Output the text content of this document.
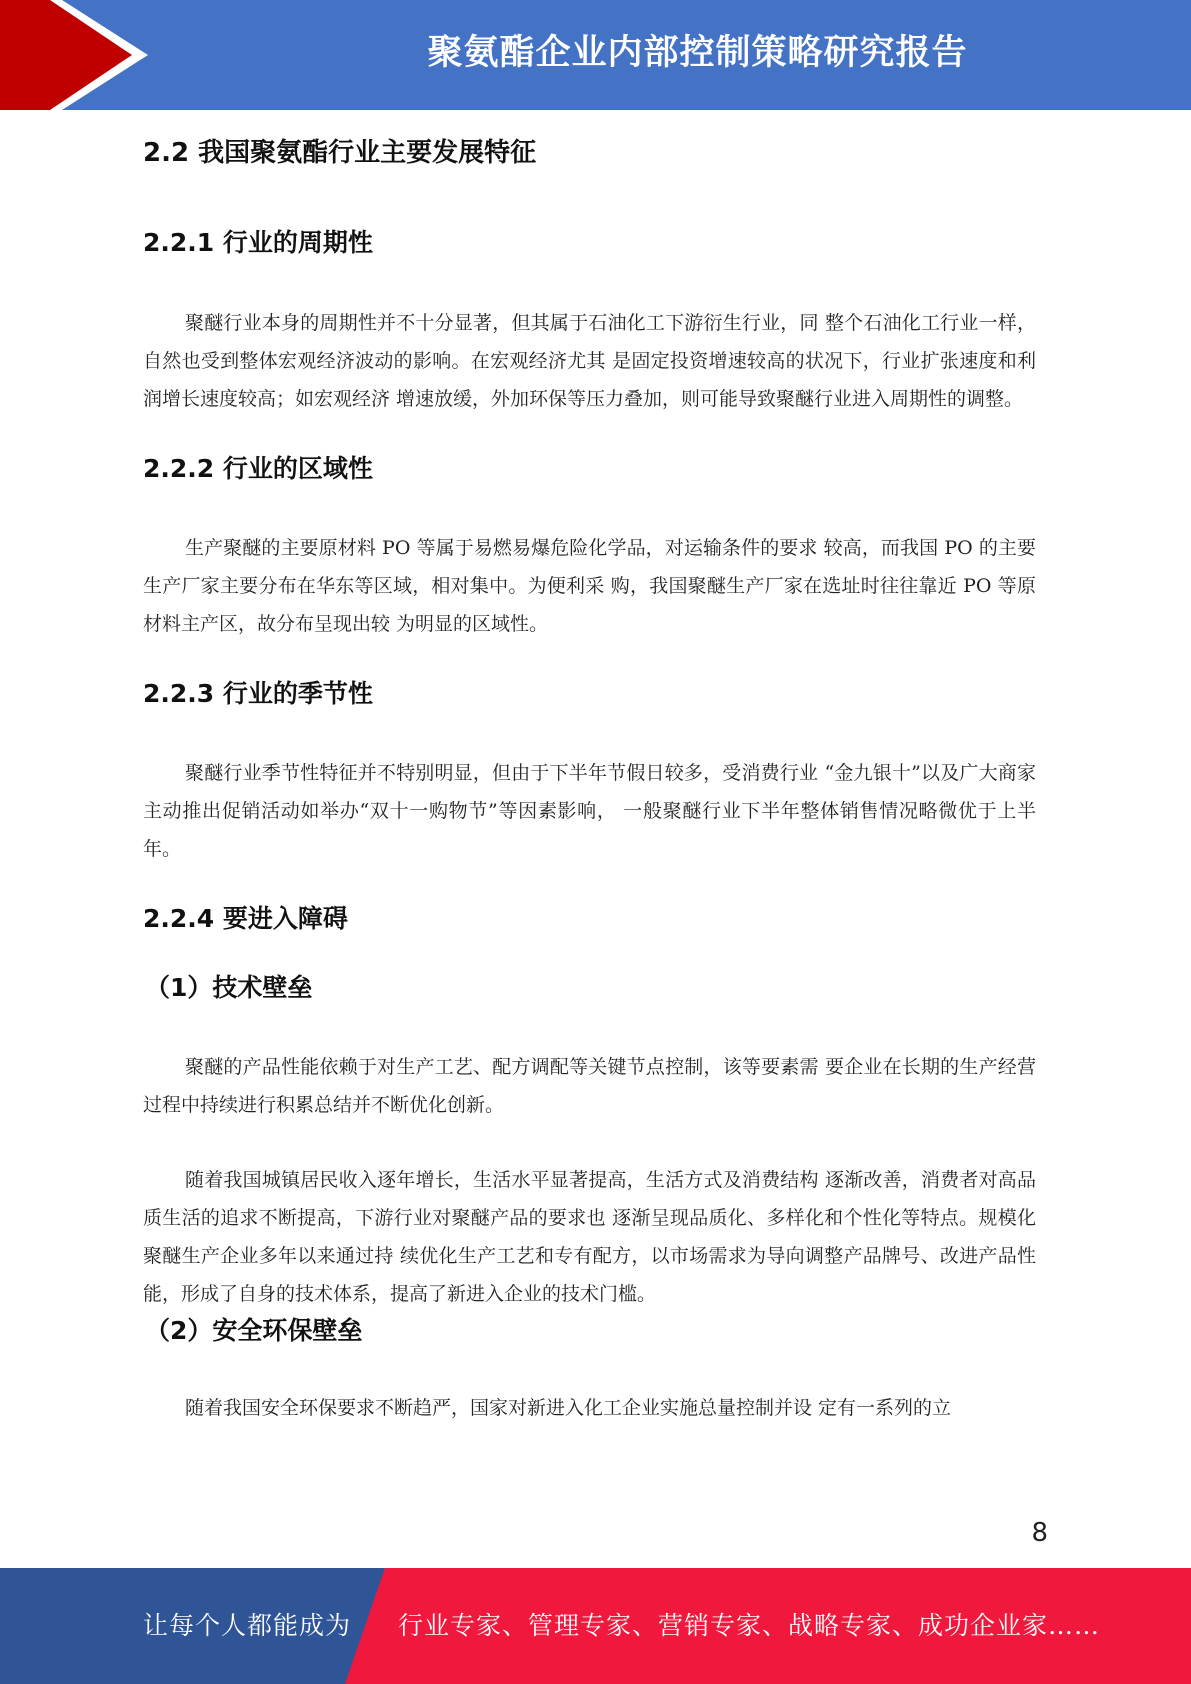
聚氨酯企业内部控制策略研究报告
2.2 我国聚氨酯行业主要发展特征
2.2.1 行业的周期性

聚醚行业本身的周期性并不十分显著，但其属于石油化工下游衍生行业，同 整个石油化工行业一样，自然也受到整体宏观经济波动的影响。在宏观经济尤其 是固定投资增速较高的状况下，行业扩张速度和利润增长速度较高；如宏观经济 增速放缓，外加环保等压力叠加，则可能导致聚醚行业进入周期性的调整。

2.2.2 行业的区域性

生产聚醚的主要原材料 PO 等属于易燃易爆危险化学品，对运输条件的要求 较高，而我国 PO 的主要生产厂家主要分布在华东等区域，相对集中。为便利采 购，我国聚醚生产厂家在选址时往往靠近 PO 等原材料主产区，故分布呈现出较 为明显的区域性。

2.2.3 行业的季节性

聚醚行业季节性特征并不特别明显，但由于下半年节假日较多，受消费行业 “金九银十”以及广大商家主动推出促销活动如举办“双十一购物节”等因素影响， 一般聚醚行业下半年整体销售情况略微优于上半年。

2.2.4 要进入障碍
（1）技术壁垒

聚醚的产品性能依赖于对生产工艺、配方调配等关键节点控制，该等要素需 要企业在长期的生产经营过程中持续进行积累总结并不断优化创新。

随着我国城镇居民收入逐年增长，生活水平显著提高，生活方式及消费结构 逐渐改善，消费者对高品质生活的追求不断提高，下游行业对聚醚产品的要求也 逐渐呈现品质化、多样化和个性化等特点。规模化聚醚生产企业多年以来通过持 续优化生产工艺和专有配方，以市场需求为导向调整产品牌号、改进产品性能，形成了自身的技术体系，提高了新进入企业的技术门槛。

（2）安全环保壁垒

随着我国安全环保要求不断趋严，国家对新进入化工企业实施总量控制并设 定有一系列的立

8
让每个人都能成为 行业专家、管理专家、营销专家、战略专家、成功企业家……
